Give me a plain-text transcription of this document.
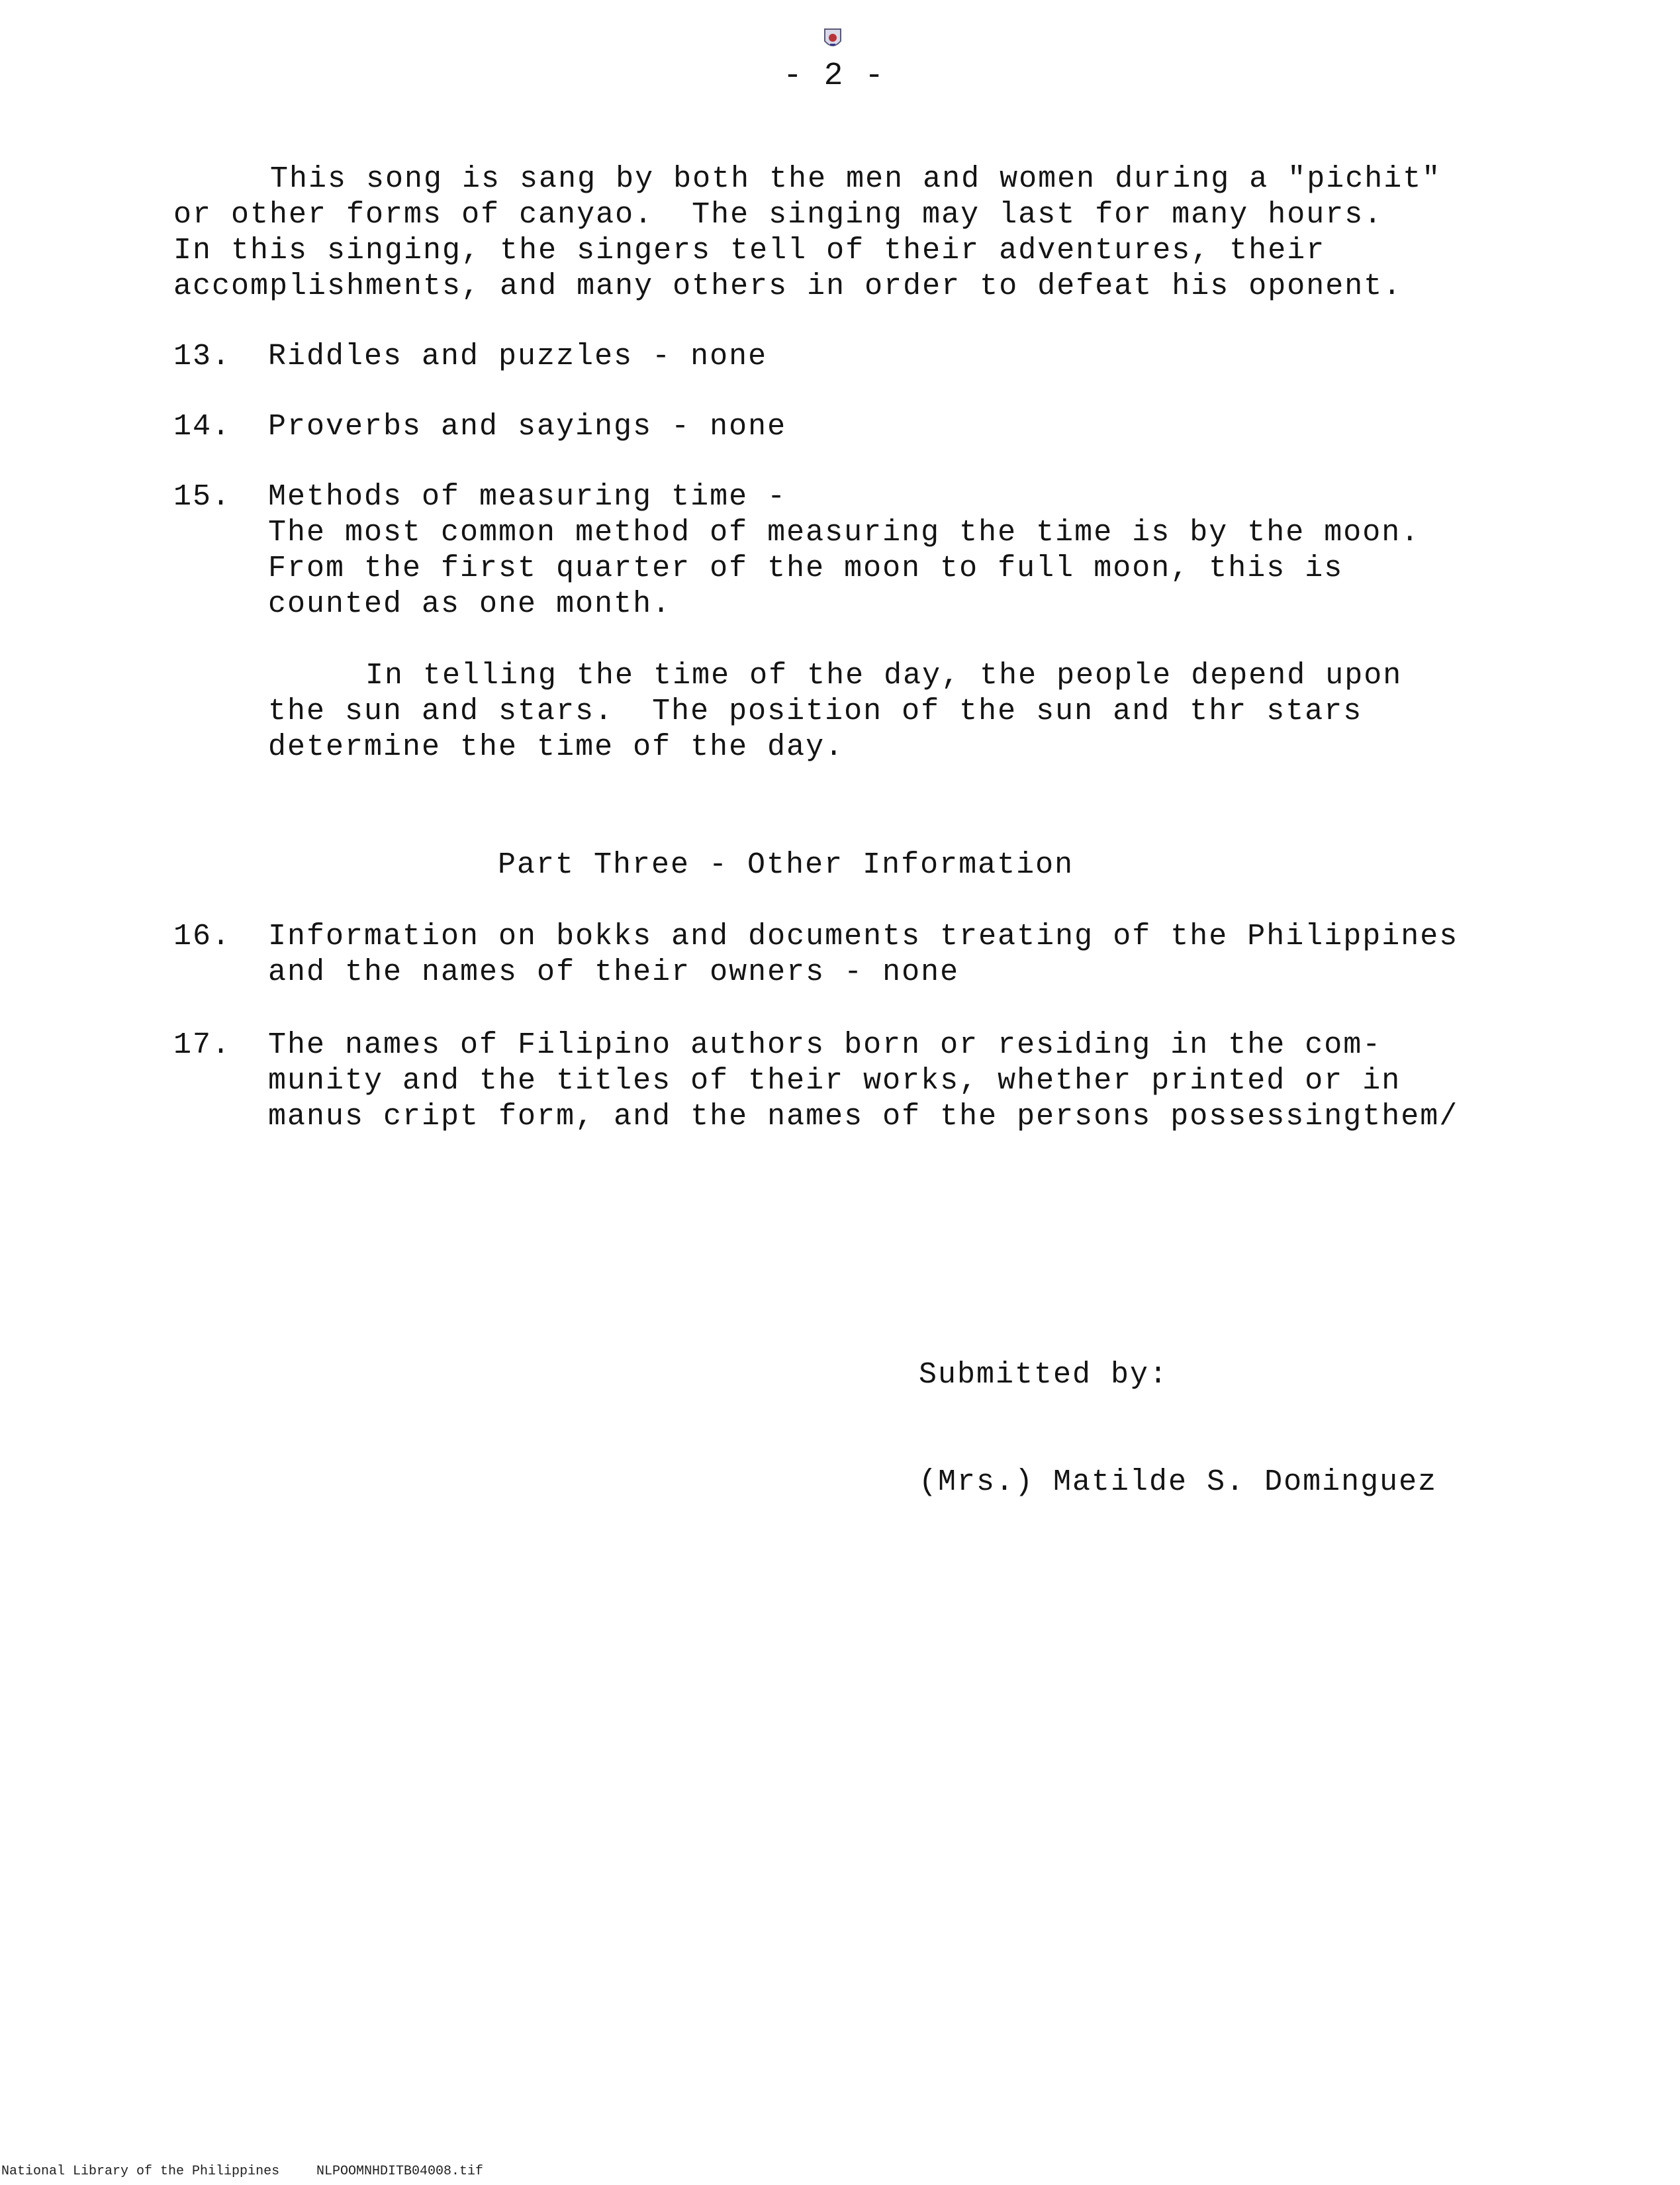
- 2 -
This song is sang by both the men and women during a "pichit"
or other forms of canyao.  The singing may last for many hours.
In this singing, the singers tell of their adventures, their
accomplishments, and many others in order to defeat his oponent.
13. Riddles and puzzles - none
14. Proverbs and sayings - none
15. Methods of measuring time -
The most common method of measuring the time is by the moon.
From the first quarter of the moon to full moon, this is
counted as one month.
In telling the time of the day, the people depend upon
the sun and stars.  The position of the sun and thr stars
determine the time of the day.
Part Three - Other Information
16. Information on bokks and documents treating of the Philippines
and the names of their owners - none
17. The names of Filipino authors born or residing in the com-
munity and the titles of their works, whether printed or in
manus cript form, and the names of the persons possessingthem/
Submitted by:
(Mrs.) Matilde S. Dominguez
National Library of the Philippines	NLPOOMNHDITB04008.tif
